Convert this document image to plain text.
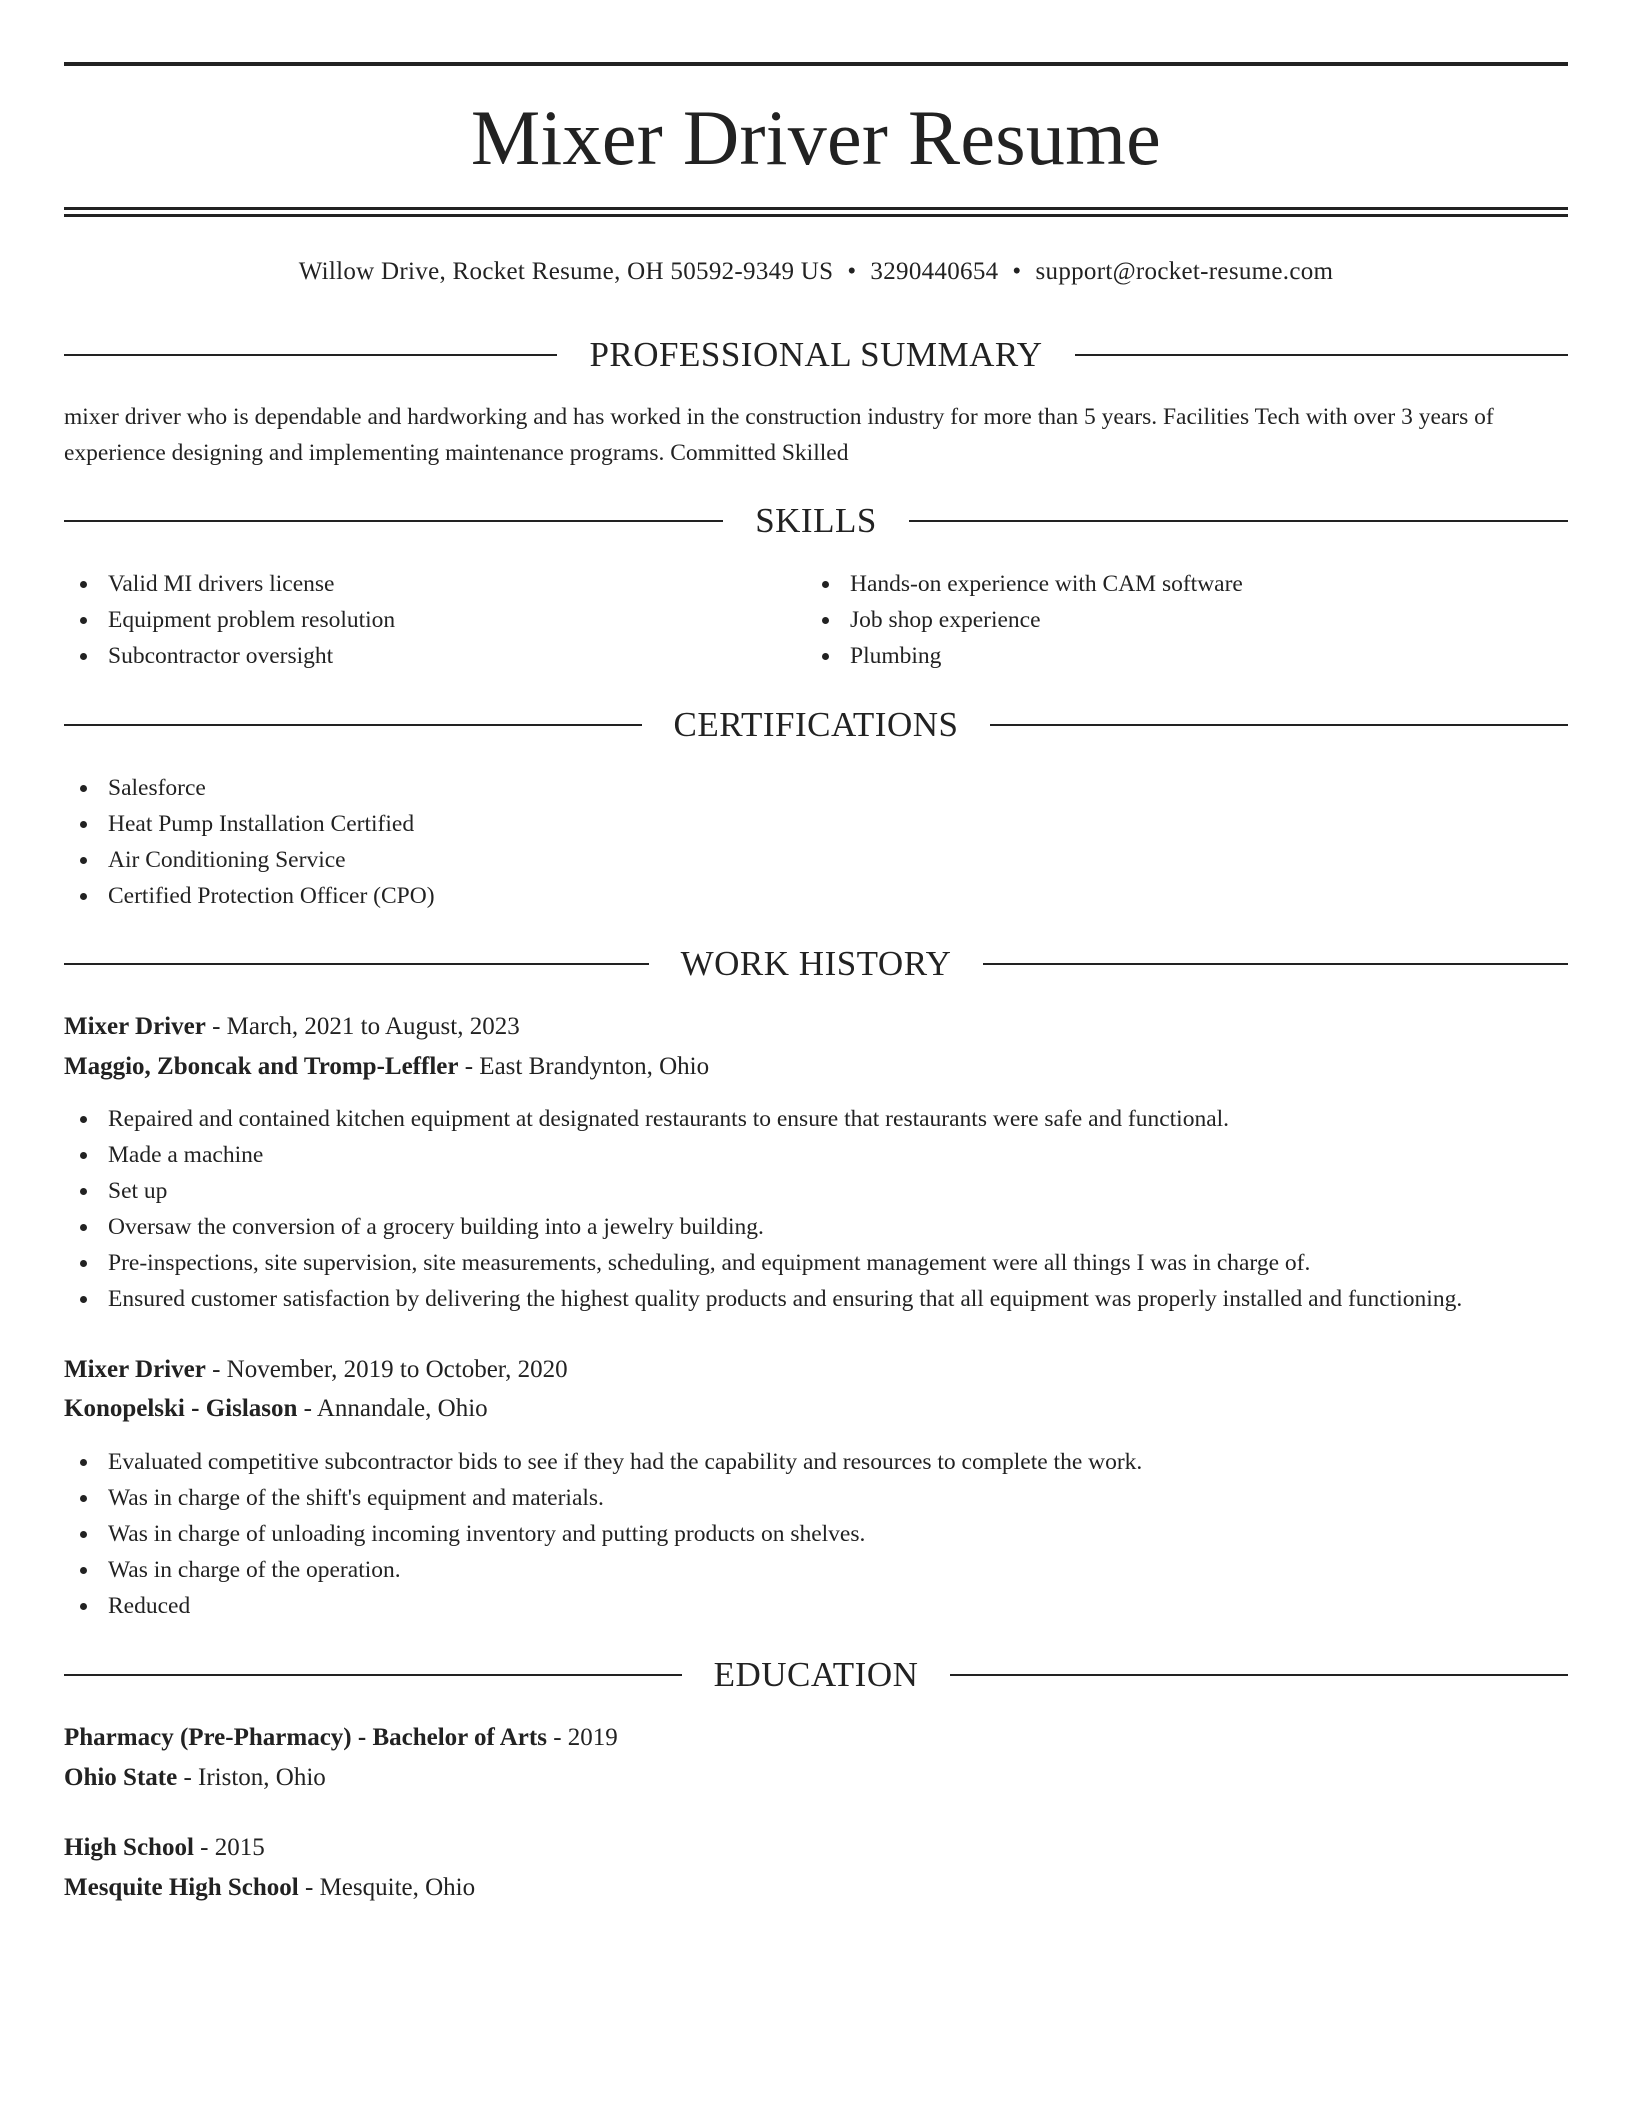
Mixer Driver Resume
Willow Drive, Rocket Resume, OH 50592-9349 US • 3290440654 • support@rocket-resume.com
PROFESSIONAL SUMMARY
mixer driver who is dependable and hardworking and has worked in the construction industry for more than 5 years. Facilities Tech with over 3 years of experience designing and implementing maintenance programs. Committed Skilled
SKILLS
Valid MI drivers license
Equipment problem resolution
Subcontractor oversight
Hands-on experience with CAM software
Job shop experience
Plumbing
CERTIFICATIONS
Salesforce
Heat Pump Installation Certified
Air Conditioning Service
Certified Protection Officer (CPO)
WORK HISTORY
Mixer Driver - March, 2021 to August, 2023
Maggio, Zboncak and Tromp-Leffler - East Brandynton, Ohio
Repaired and contained kitchen equipment at designated restaurants to ensure that restaurants were safe and functional.
Made a machine
Set up
Oversaw the conversion of a grocery building into a jewelry building.
Pre-inspections, site supervision, site measurements, scheduling, and equipment management were all things I was in charge of.
Ensured customer satisfaction by delivering the highest quality products and ensuring that all equipment was properly installed and functioning.
Mixer Driver - November, 2019 to October, 2020
Konopelski - Gislason - Annandale, Ohio
Evaluated competitive subcontractor bids to see if they had the capability and resources to complete the work.
Was in charge of the shift's equipment and materials.
Was in charge of unloading incoming inventory and putting products on shelves.
Was in charge of the operation.
Reduced
EDUCATION
Pharmacy (Pre-Pharmacy) - Bachelor of Arts - 2019
Ohio State - Iriston, Ohio
High School - 2015
Mesquite High School - Mesquite, Ohio
